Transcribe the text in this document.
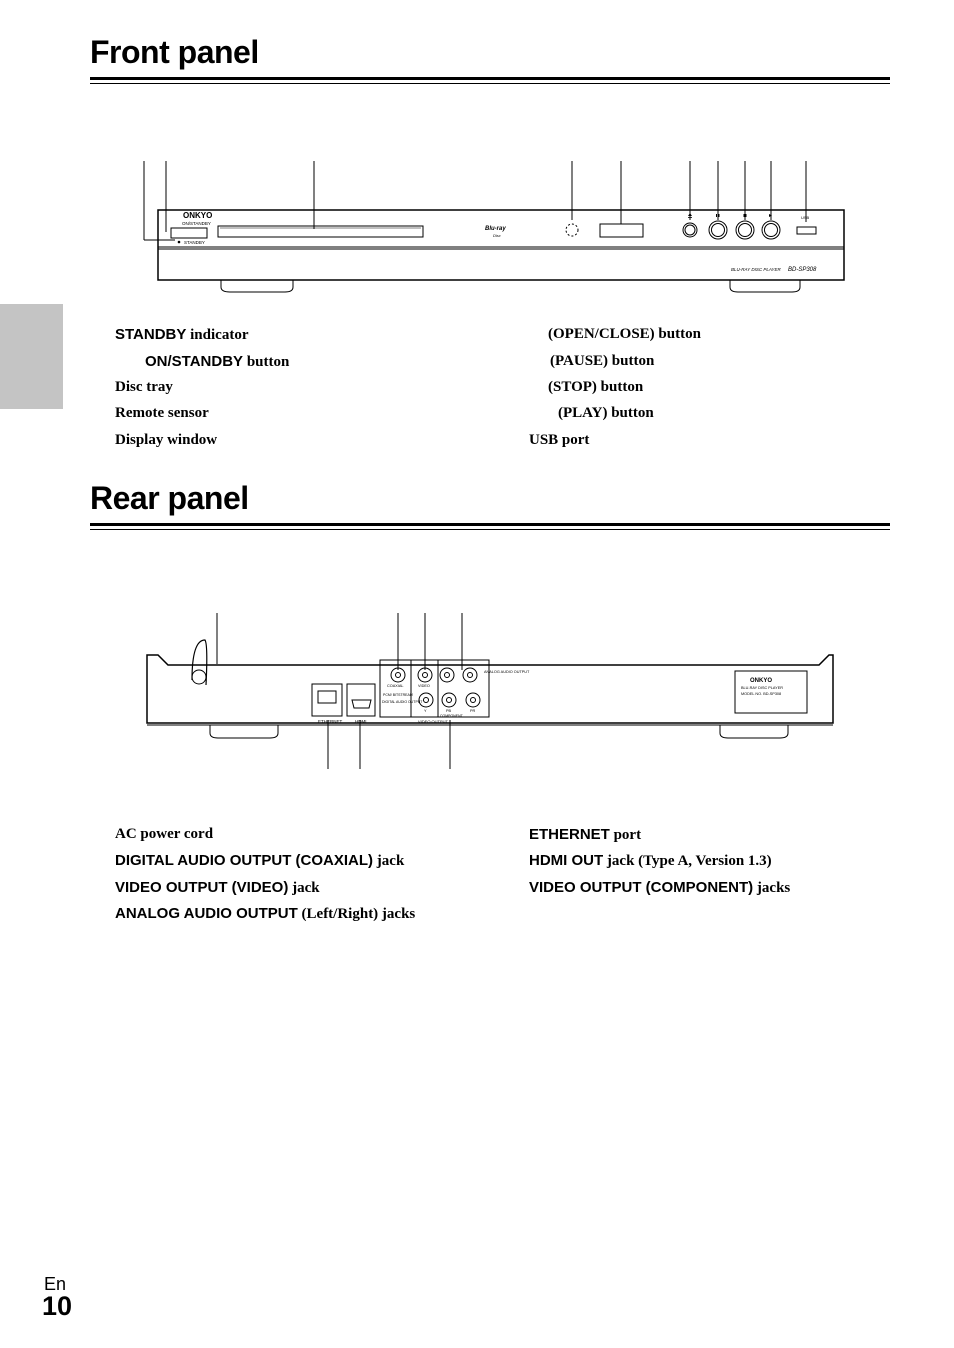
Front panel
ONKYO
ON/STANDBY
STANDBY
Blu-ray
Disc
USB
BLU-RAY DISC PLAYER BD-SP308
STANDBY indicator
ON/STANDBY button
Disc tray
Remote sensor
Display window
(OPEN/CLOSE) button
(PAUSE) button
(STOP) button
(PLAY) button
USB port
Rear panel
ETHERNET	HDMI
COAXIAL
PCM/ BITSTREAM
DIGITAL AUDIO OUTPUT
VIDEO
ANALOG AUDIO OUTPUT
Y	PB	PR
COMPONENT
VIDEO OUTPUT
ONKYO
BLU-RAY DISC PLAYER
MODEL NO. BD-SP308
AC power cord
DIGITAL AUDIO OUTPUT (COAXIAL) jack
VIDEO OUTPUT (VIDEO) jack
ANALOG AUDIO OUTPUT (Left/Right) jacks
ETHERNET port
HDMI OUT jack (Type A, Version 1.3)
VIDEO OUTPUT (COMPONENT) jacks
En
10
